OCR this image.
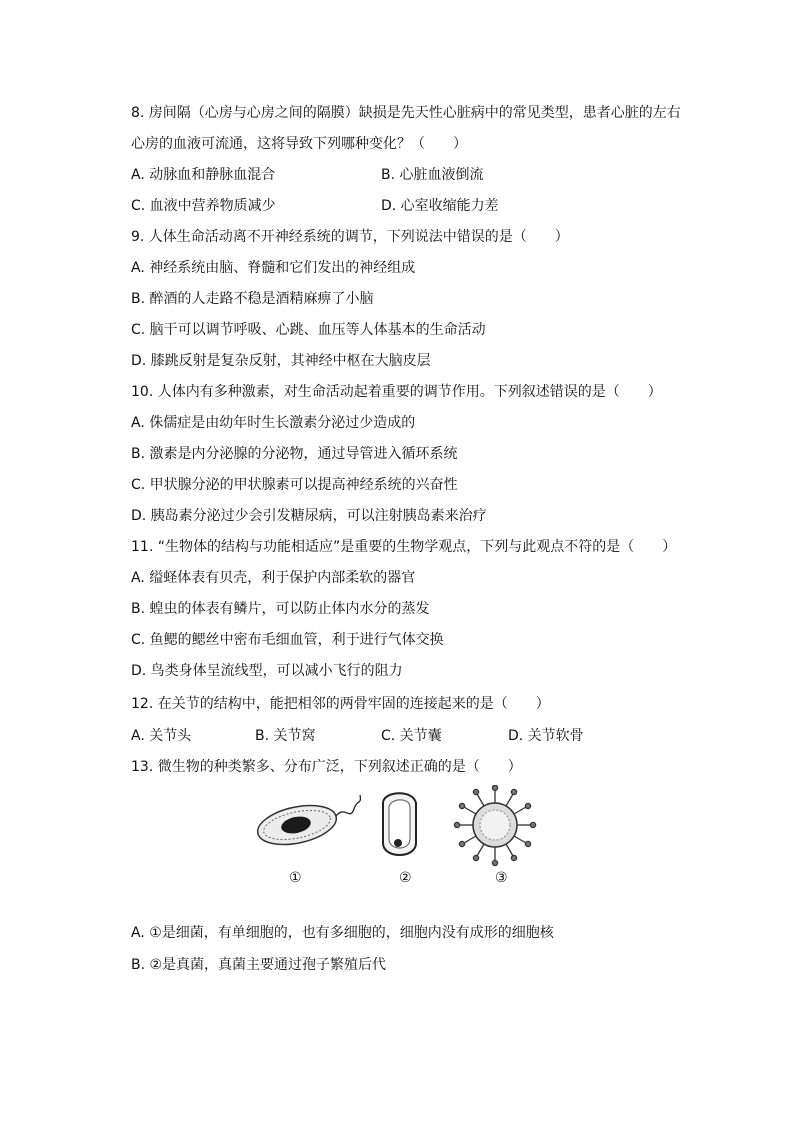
8. 房间隔（心房与心房之间的隔膜）缺损是先天性心脏病中的常见类型，患者心脏的左右
心房的血液可流通，这将导致下列哪种变化？（　　）
A. 动脉血和静脉血混合	B. 心脏血液倒流
C. 血液中营养物质减少	D. 心室收缩能力差
9. 人体生命活动离不开神经系统的调节，下列说法中错误的是（　　）
A. 神经系统由脑、脊髓和它们发出的神经组成
B. 醉酒的人走路不稳是酒精麻痹了小脑
C. 脑干可以调节呼吸、心跳、血压等人体基本的生命活动
D. 膝跳反射是复杂反射，其神经中枢在大脑皮层
10. 人体内有多种激素，对生命活动起着重要的调节作用。下列叙述错误的是（　　）
A. 侏儒症是由幼年时生长激素分泌过少造成的
B. 激素是内分泌腺的分泌物，通过导管进入循环系统
C. 甲状腺分泌的甲状腺素可以提高神经系统的兴奋性
D. 胰岛素分泌过少会引发糖尿病，可以注射胰岛素来治疗
11. “生物体的结构与功能相适应”是重要的生物学观点，下列与此观点不符的是（　　）
A. 缢蛏体表有贝壳，利于保护内部柔软的器官
B. 蝗虫的体表有鳞片，可以防止体内水分的蒸发
C. 鱼鳃的鳃丝中密布毛细血管，利于进行气体交换
D. 鸟类身体呈流线型，可以减小飞行的阻力
12. 在关节的结构中，能把相邻的两骨牢固的连接起来的是（　　）
A. 关节头	B. 关节窝	C. 关节囊	D. 关节软骨
13. 微生物的种类繁多、分布广泛，下列叙述正确的是（　　）
①	②	③
A. ①是细菌，有单细胞的，也有多细胞的，细胞内没有成形的细胞核
B. ②是真菌，真菌主要通过孢子繁殖后代
